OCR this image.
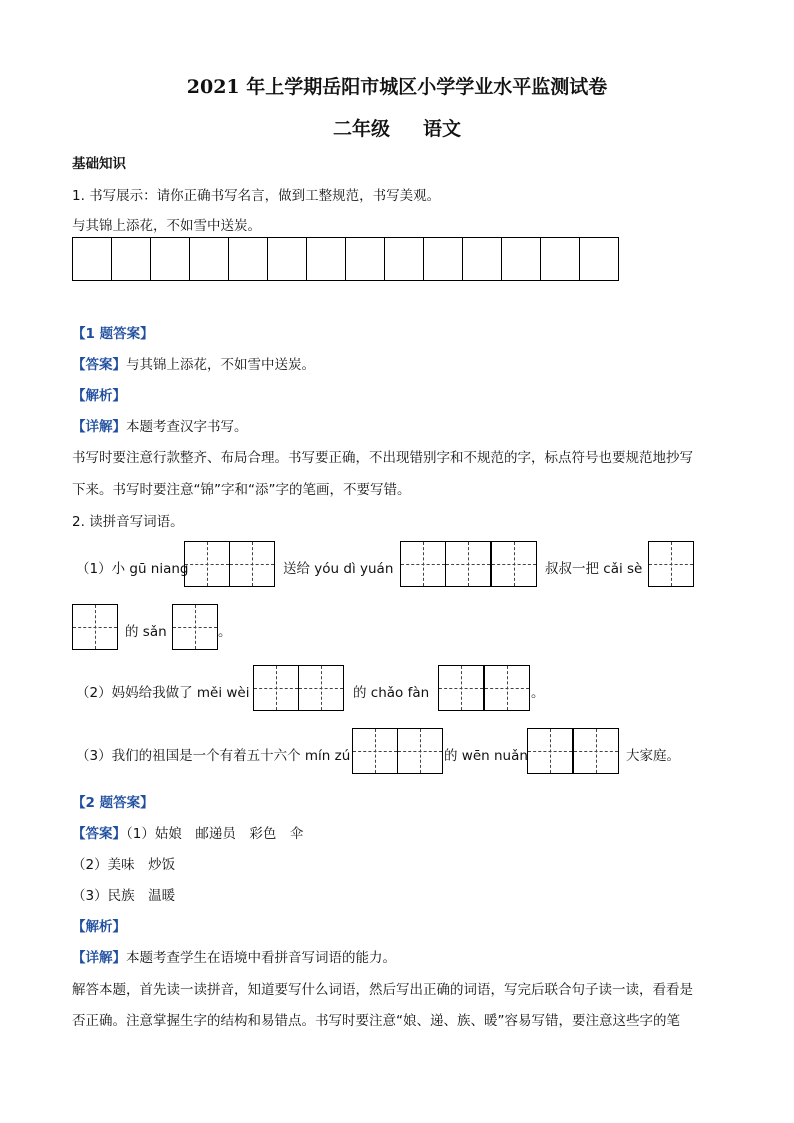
2021 年上学期岳阳市城区小学学业水平监测试卷
二年级     语文
基础知识
1. 书写展示：请你正确书写名言，做到工整规范，书写美观。
与其锦上添花，不如雪中送炭。
【1 题答案】
【答案】与其锦上添花，不如雪中送炭。
【解析】
【详解】本题考查汉字书写。
书写时要注意行款整齐、布局合理。书写要正确，不出现错别字和不规范的字，标点符号也要规范地抄写
下来。书写时要注意“锦”字和“添”字的笔画，不要写错。
2. 读拼音写词语。
（1）小 gū niang	送给 yóu dì yuán	叔叔一把 cǎi sè
的 sǎn	。
（2）妈妈给我做了 měi wèi	的 chǎo fàn	。
（3）我们的祖国是一个有着五十六个 mín zú	的 wēn nuǎn	大家庭。
【2 题答案】
【答案】（1）姑娘　邮递员　彩色　伞
（2）美味　炒饭
（3）民族　温暖
【解析】
【详解】本题考查学生在语境中看拼音写词语的能力。
解答本题，首先读一读拼音，知道要写什么词语，然后写出正确的词语，写完后联合句子读一读，看看是
否正确。注意掌握生字的结构和易错点。书写时要注意“娘、递、族、暖”容易写错，要注意这些字的笔
